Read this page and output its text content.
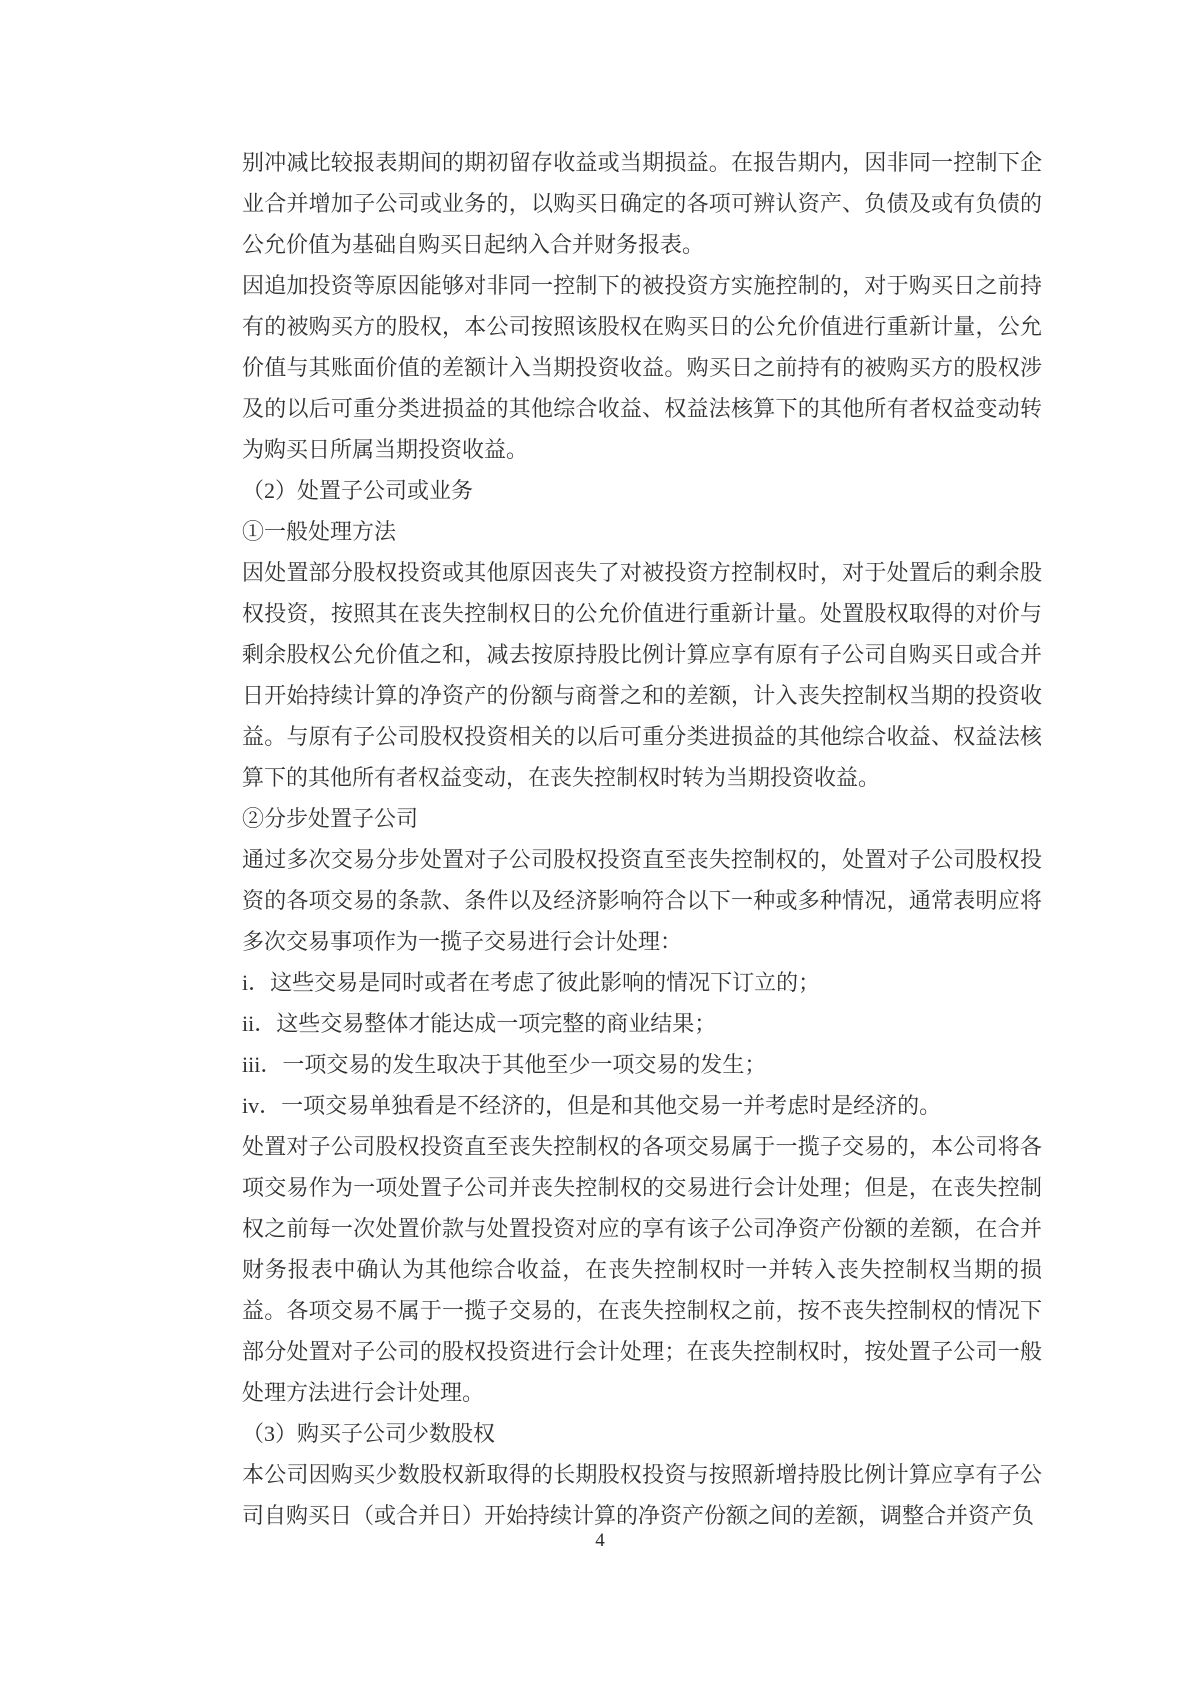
别冲减比较报表期间的期初留存收益或当期损益。在报告期内，因非同一控制下企业合并增加子公司或业务的，以购买日确定的各项可辨认资产、负债及或有负债的公允价值为基础自购买日起纳入合并财务报表。

因追加投资等原因能够对非同一控制下的被投资方实施控制的，对于购买日之前持有的被购买方的股权，本公司按照该股权在购买日的公允价值进行重新计量，公允价值与其账面价值的差额计入当期投资收益。购买日之前持有的被购买方的股权涉及的以后可重分类进损益的其他综合收益、权益法核算下的其他所有者权益变动转为购买日所属当期投资收益。

（2）处置子公司或业务

①一般处理方法

因处置部分股权投资或其他原因丧失了对被投资方控制权时，对于处置后的剩余股权投资，按照其在丧失控制权日的公允价值进行重新计量。处置股权取得的对价与剩余股权公允价值之和，减去按原持股比例计算应享有原有子公司自购买日或合并日开始持续计算的净资产的份额与商誉之和的差额，计入丧失控制权当期的投资收益。与原有子公司股权投资相关的以后可重分类进损益的其他综合收益、权益法核算下的其他所有者权益变动，在丧失控制权时转为当期投资收益。

②分步处置子公司

通过多次交易分步处置对子公司股权投资直至丧失控制权的，处置对子公司股权投资的各项交易的条款、条件以及经济影响符合以下一种或多种情况，通常表明应将多次交易事项作为一揽子交易进行会计处理：

i．这些交易是同时或者在考虑了彼此影响的情况下订立的；

ii．这些交易整体才能达成一项完整的商业结果；

iii．一项交易的发生取决于其他至少一项交易的发生；

iv．一项交易单独看是不经济的，但是和其他交易一并考虑时是经济的。

处置对子公司股权投资直至丧失控制权的各项交易属于一揽子交易的，本公司将各项交易作为一项处置子公司并丧失控制权的交易进行会计处理；但是，在丧失控制权之前每一次处置价款与处置投资对应的享有该子公司净资产份额的差额，在合并财务报表中确认为其他综合收益，在丧失控制权时一并转入丧失控制权当期的损益。各项交易不属于一揽子交易的，在丧失控制权之前，按不丧失控制权的情况下部分处置对子公司的股权投资进行会计处理；在丧失控制权时，按处置子公司一般处理方法进行会计处理。

（3）购买子公司少数股权

本公司因购买少数股权新取得的长期股权投资与按照新增持股比例计算应享有子公司自购买日（或合并日）开始持续计算的净资产份额之间的差额，调整合并资产负

4
